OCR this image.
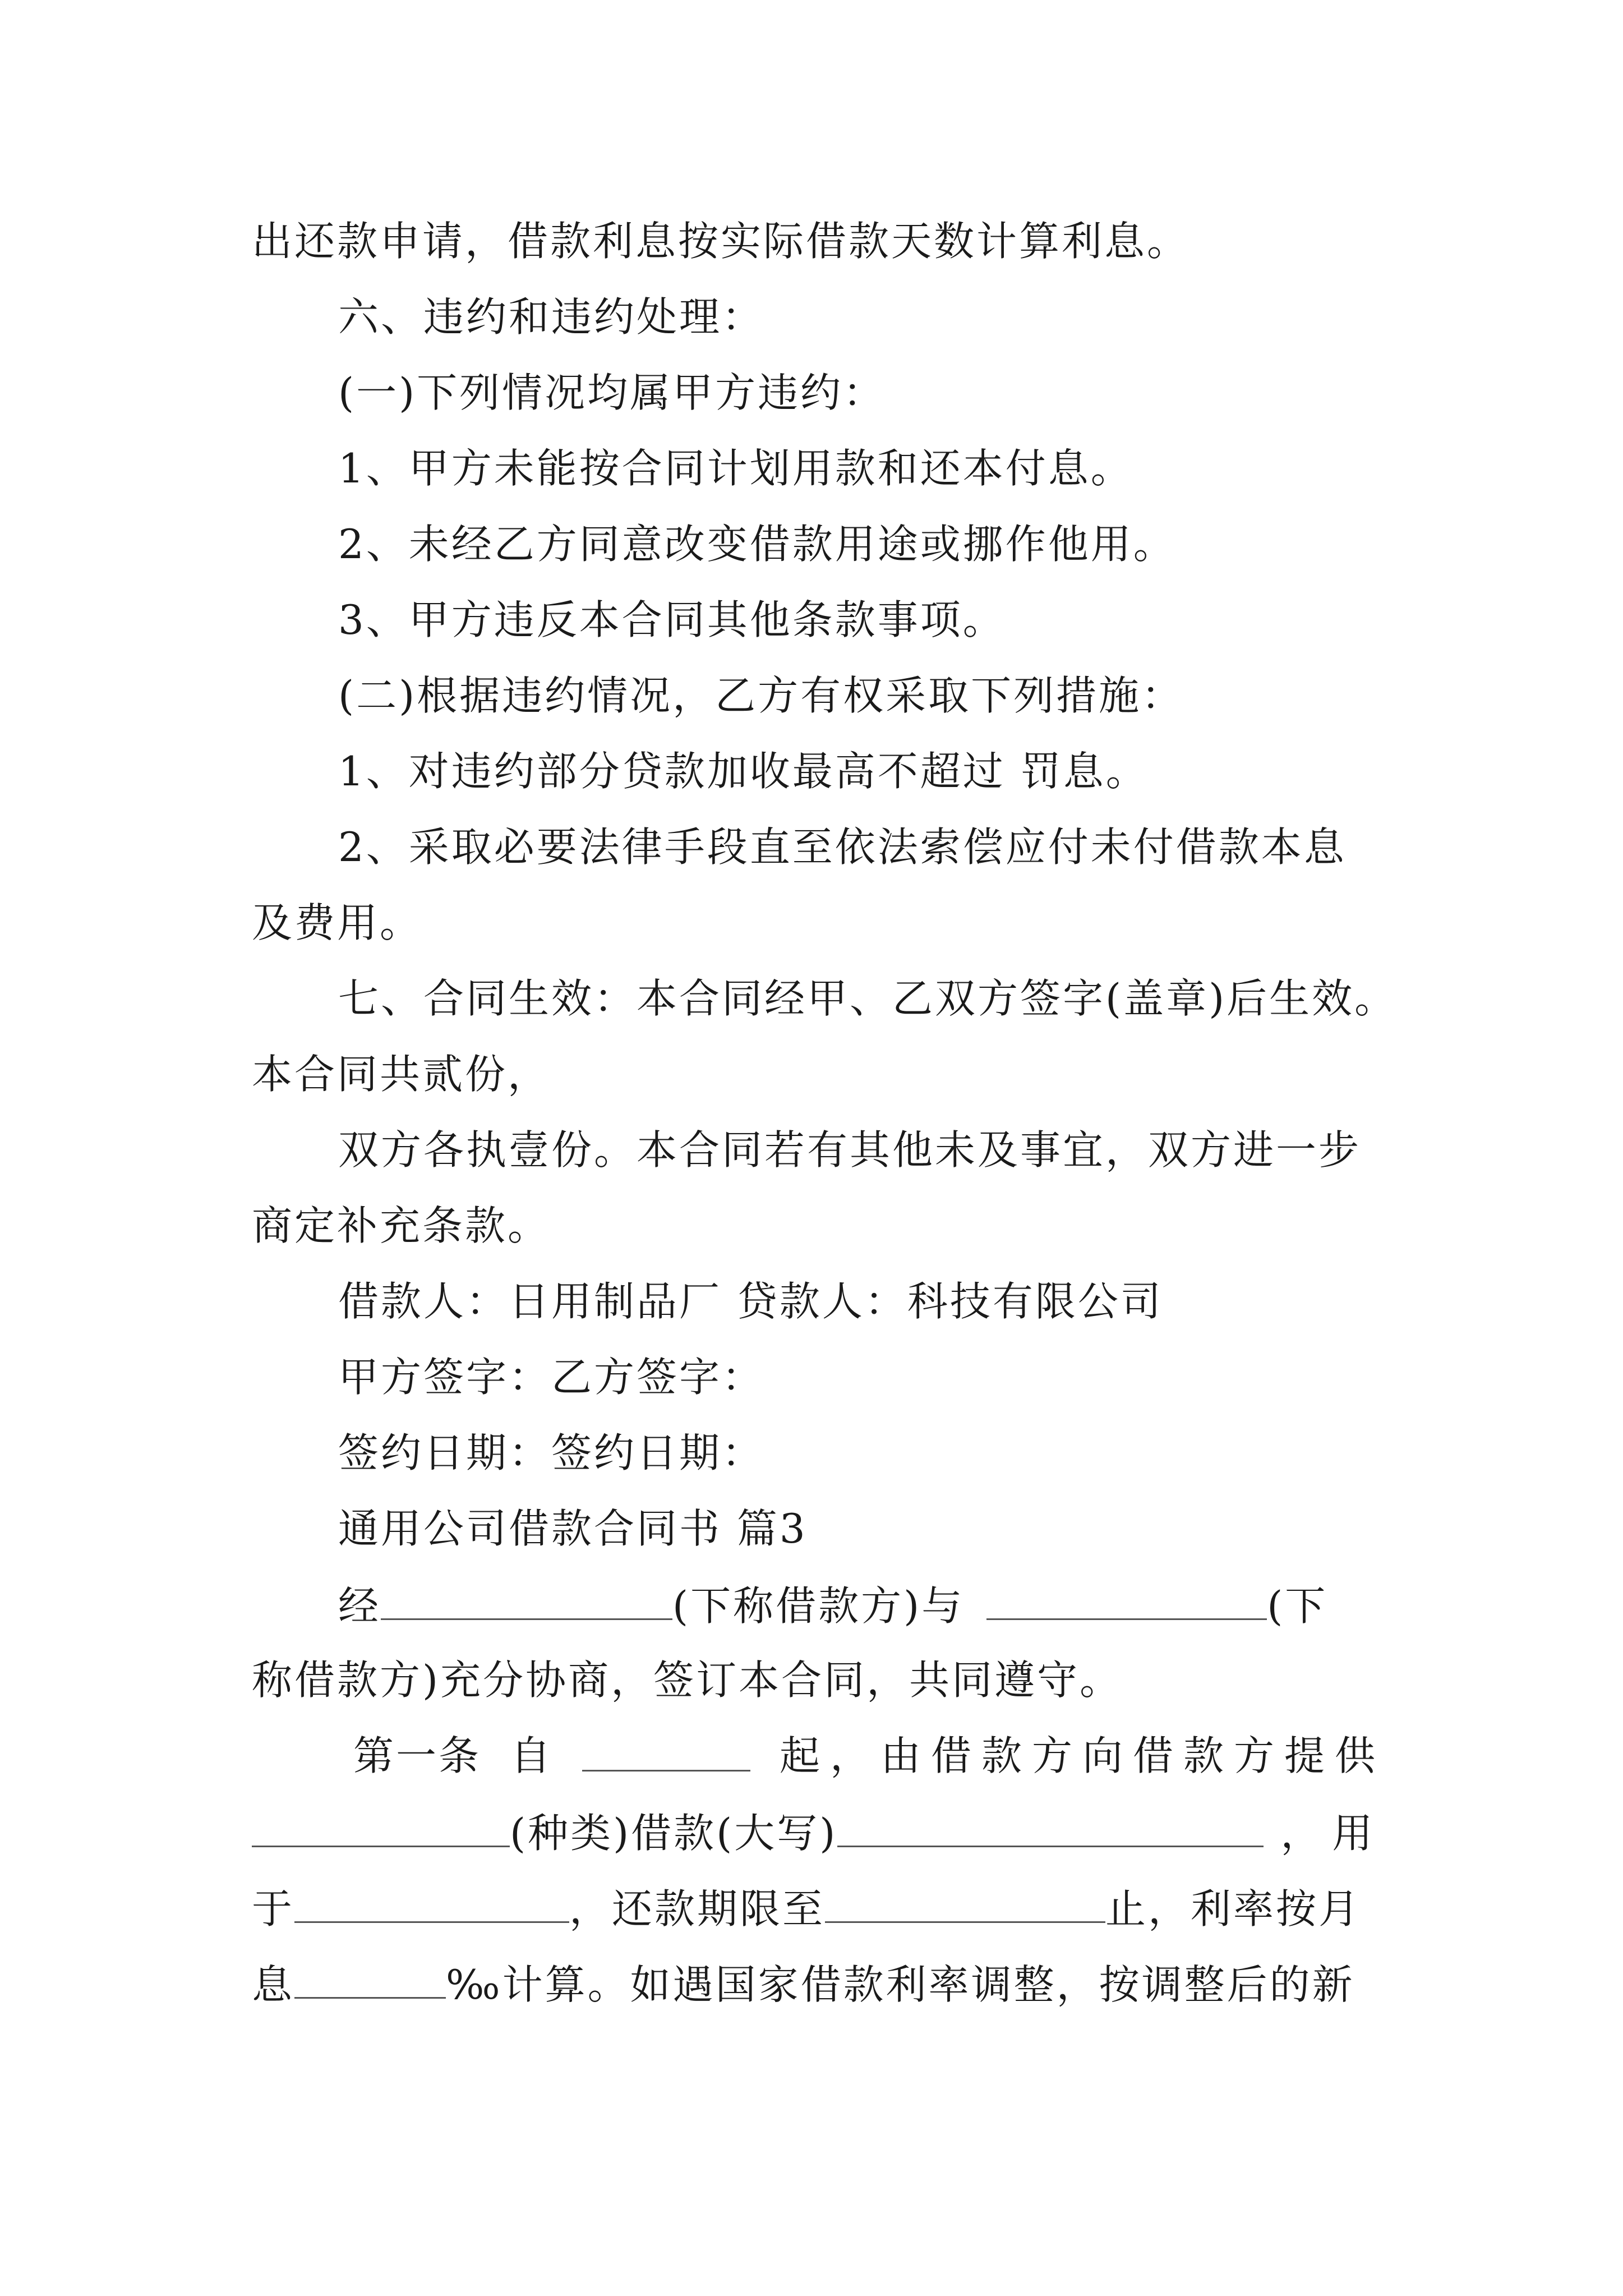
出还款申请，借款利息按实际借款天数计算利息。
六、违约和违约处理：
(一)下列情况均属甲方违约：
1、甲方未能按合同计划用款和还本付息。
2、未经乙方同意改变借款用途或挪作他用。
3、甲方违反本合同其他条款事项。
(二)根据违约情况，乙方有权采取下列措施：
1、对违约部分贷款加收最高不超过 罚息。
2、采取必要法律手段直至依法索偿应付未付借款本息
及费用。
七、合同生效：本合同经甲、乙双方签字(盖章)后生效。
本合同共贰份，
双方各执壹份。本合同若有其他未及事宜，双方进一步
商定补充条款。
借款人：日用制品厂 贷款人：科技有限公司
甲方签字：乙方签字：
签约日期：签约日期：
通用公司借款合同书 篇3
经	(下称借款方)与	(下
称借款方)充分协商，签订本合同，共同遵守。
第一条 自	起，由借款方向借款方提供
(种类)借款(大写)	，用
于	，还款期限至	止，利率按月
息	‰计算。如遇国家借款利率调整，按调整后的新
